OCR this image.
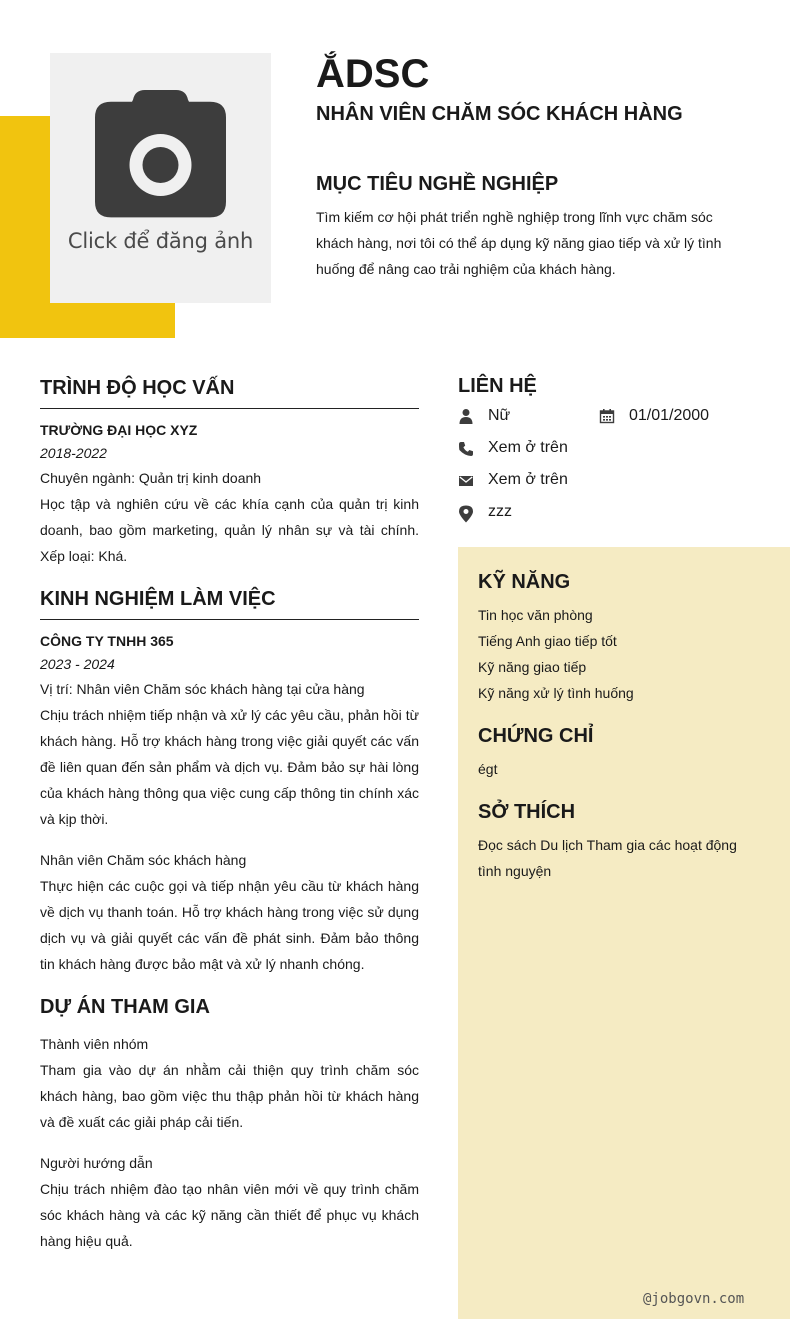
Click để đăng ảnh
ẮDSC
NHÂN VIÊN CHĂM SÓC KHÁCH HÀNG
MỤC TIÊU NGHỀ NGHIỆP
Tìm kiếm cơ hội phát triển nghề nghiệp trong lĩnh vực chăm sóc khách hàng, nơi tôi có thể áp dụng kỹ năng giao tiếp và xử lý tình huống để nâng cao trải nghiệm của khách hàng.
TRÌNH ĐỘ HỌC VẤN
TRƯỜNG ĐẠI HỌC XYZ
2018-2022
Chuyên ngành: Quản trị kinh doanh
Học tập và nghiên cứu về các khía cạnh của quản trị kinh doanh, bao gồm marketing, quản lý nhân sự và tài chính. Xếp loại: Khá.
KINH NGHIỆM LÀM VIỆC
CÔNG TY TNHH 365
2023 - 2024
Vị trí: Nhân viên Chăm sóc khách hàng tại cửa hàng
Chịu trách nhiệm tiếp nhận và xử lý các yêu cầu, phản hồi từ khách hàng. Hỗ trợ khách hàng trong việc giải quyết các vấn đề liên quan đến sản phẩm và dịch vụ. Đảm bảo sự hài lòng của khách hàng thông qua việc cung cấp thông tin chính xác và kịp thời.
Nhân viên Chăm sóc khách hàng
Thực hiện các cuộc gọi và tiếp nhận yêu cầu từ khách hàng về dịch vụ thanh toán. Hỗ trợ khách hàng trong việc sử dụng dịch vụ và giải quyết các vấn đề phát sinh. Đảm bảo thông tin khách hàng được bảo mật và xử lý nhanh chóng.
DỰ ÁN THAM GIA
Thành viên nhóm
Tham gia vào dự án nhằm cải thiện quy trình chăm sóc khách hàng, bao gồm việc thu thập phản hồi từ khách hàng và đề xuất các giải pháp cải tiến.
Người hướng dẫn
Chịu trách nhiệm đào tạo nhân viên mới về quy trình chăm sóc khách hàng và các kỹ năng cần thiết để phục vụ khách hàng hiệu quả.
LIÊN HỆ
Nữ	01/01/2000
Xem ở trên
Xem ở trên
zzz
KỸ NĂNG
Tin học văn phòng
Tiếng Anh giao tiếp tốt
Kỹ năng giao tiếp
Kỹ năng xử lý tình huống
CHỨNG CHỈ
égt
SỞ THÍCH
Đọc sách Du lịch Tham gia các hoạt động tình nguyện
@jobgovn.com
